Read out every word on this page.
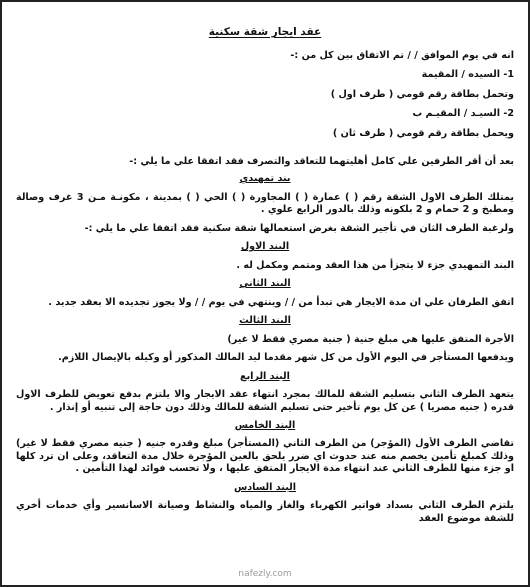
عقد ايجار شقة سكنية

انه في يوم الموافق / / تم الاتفاق بين كل من :-

1- السيده / المقيمة

وتحمل بطاقة رقم قومي ( طرف اول )

2- السيـد / المقيـم ب

ويحمل بطاقة رقم قومي ( طرف ثان )

بعد أن أقر الطرفين علي كامل أهليتهما للتعاقد والتصرف فقد اتفقا علي ما يلي :-

بند تمهيدي

يمتلك الطرف الاول الشقة رقم ( ) عمارة ( ) المجاورة ( ) الحي ( ) بمدينة ، مكونـة مـن 3 غرف وصالة ومطبخ و 2 حمام و 2 بلكونه وذلك بالدور الرابع علوي .

ولرغبة الطرف الثان في تأجير الشقة بغرض استعمالها شقة سكنية فقد اتفقا علي ما يلي :-

البند الاول

البند التمهيدي جزء لا يتجزأ من هذا العقد ومتمم ومكمل له .

البند الثاني

اتفق الطرفان علي ان مدة الايجار هي تبدأ من / / وينتهي في يوم / / ولا يجوز تجديده الا بعقد جديد .

البند الثالث

الأجرة المتفق عليها هي مبلغ جنية ( جنية مصري فقط لا غير)

ويدفعها المستأجر في اليوم الأول من كل شهر مقدما ليد المالك المذكور أو وكيله بالإيصال اللازم.

البند الرابع

يتعهد الطرف الثاني بتسليم الشقة للمالك بمجرد انتهاء عقد الايجار والا يلتزم بدفع تعويض للطرف الاول قدره ( جنيه مصريا ) عن كل يوم تأخير حتى تسليم الشقة للمالك وذلك دون حاجة إلى تنبيه أو إنذار .

البند الخامس

تقاضي الطرف الأول (المؤجر) من الطرف الثاني (المستأجر) مبلغ وقدره جنيه ( جنيه مصري فقط لا غير) وذلك كمبلغ تأمين يخصم منه عند حدوث اي ضرر يلحق بالعين المؤجرة خلال مدة التعاقد، وعلى ان ترد كلها او جزء منها للطرف الثاني عند انتهاء مدة الايجار المتفق عليها ، ولا تحسب فوائد لهذا التأمين .

البند السادس

يلتزم الطرف الثاني بسداد فواتير الكهرباء والغاز والمياه والنشاط وصيانة الاسانسير وأي خدمات أخري للشقة موضوع العقد

nafezly.com
